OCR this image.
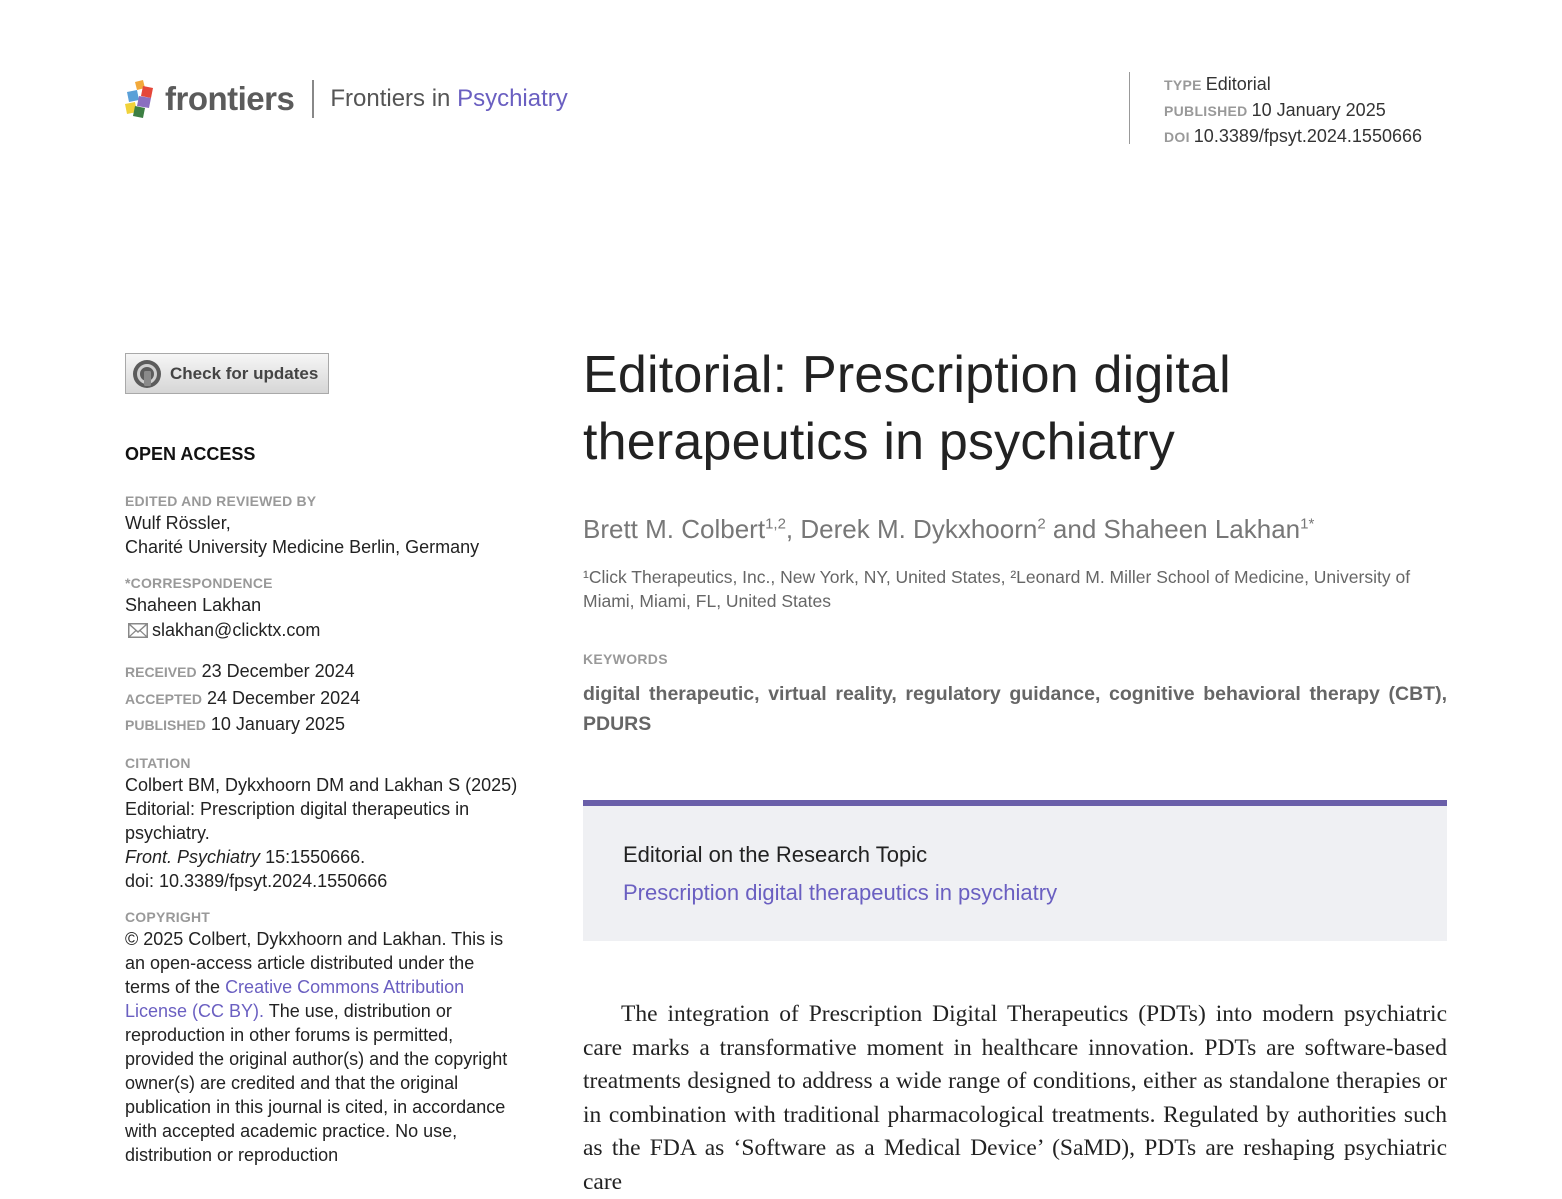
frontiers Frontiers in Psychiatry	TYPE Editorial
PUBLISHED 10 January 2025
DOI 10.3389/fpsyt.2024.1550666
Check for updates
OPEN ACCESS
EDITED AND REVIEWED BY
Wulf Rössler,
Charité University Medicine Berlin, Germany
*CORRESPONDENCE
Shaheen Lakhan
slakhan@clicktx.com
RECEIVED 23 December 2024
ACCEPTED 24 December 2024
PUBLISHED 10 January 2025
CITATION
Colbert BM, Dykxhoorn DM and Lakhan S (2025) Editorial: Prescription digital therapeutics in psychiatry.
Front. Psychiatry 15:1550666.
doi: 10.3389/fpsyt.2024.1550666
COPYRIGHT
© 2025 Colbert, Dykxhoorn and Lakhan. This is an open-access article distributed under the terms of the Creative Commons Attribution License (CC BY). The use, distribution or reproduction in other forums is permitted, provided the original author(s) and the copyright owner(s) are credited and that the original publication in this journal is cited, in accordance with accepted academic practice. No use, distribution or reproduction
Editorial: Prescription digital therapeutics in psychiatry
Brett M. Colbert$^{1,2}$, Derek M. Dykxhoorn$^2$ and Shaheen Lakhan$^{1*}$
¹Click Therapeutics, Inc., New York, NY, United States, ²Leonard M. Miller School of Medicine, University of Miami, Miami, FL, United States
KEYWORDS
digital therapeutic, virtual reality, regulatory guidance, cognitive behavioral therapy (CBT), PDURS
Editorial on the Research Topic
Prescription digital therapeutics in psychiatry

The integration of Prescription Digital Therapeutics (PDTs) into modern psychiatric care marks a transformative moment in healthcare innovation. PDTs are software-based treatments designed to address a wide range of conditions, either as standalone therapies or in combination with traditional pharmacological treatments. Regulated by authorities such as the FDA as ‘Software as a Medical Device’ (SaMD), PDTs are reshaping psychiatric care
